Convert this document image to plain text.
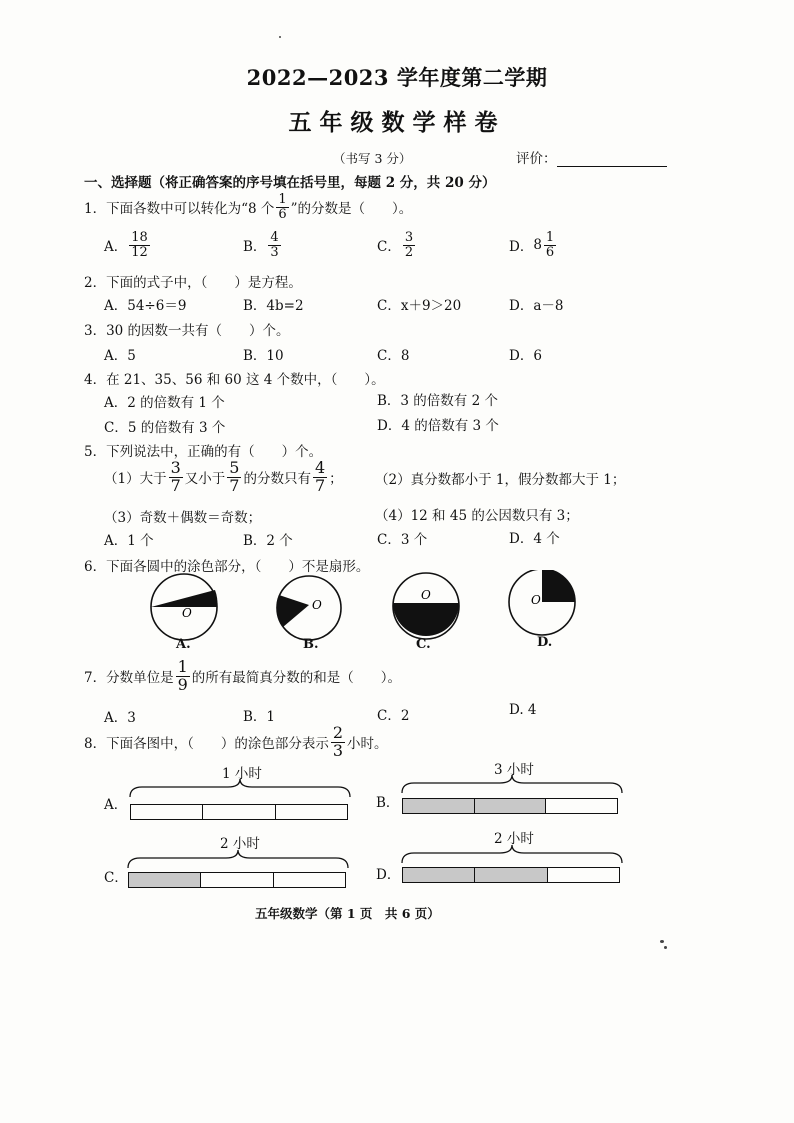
2022—2023 学年度第二学期
五年级数学样卷
（书写 3 分）	评价：
一、选择题（将正确答案的序号填在括号里，每题 2 分，共 20 分）
1．下面各数中可以转化为“8 个 $\frac{1}{6}$ ”的分数是（　　）。
A． $\frac{18}{12}$	B． $\frac{4}{3}$	C． $\frac{3}{2}$	D． $8 \frac{1}{6}$
2．下面的式子中，（　　）是方程。
A．54÷6＝9	B．4b=2	C．x＋9＞20	D．a－8
3．30 的因数一共有（　　）个。
A．5	B．10	C．8	D．6
4．在 21、35、56 和 60 这 4 个数中，（　　）。
A．2 的倍数有 1 个	B．3 的倍数有 2 个
C．5 的倍数有 3 个	D．4 的倍数有 3 个
5．下列说法中，正确的有（　　）个。
（1）大于 $\frac{3}{7}$ 又小于 $\frac{5}{7}$ 的分数只有 $\frac{4}{7}$ ； （2）真分数都小于 1，假分数都大于 1；
（3）奇数＋偶数＝奇数；	（4）12 和 45 的公因数只有 3；
A．1 个	B．2 个	C．3 个	D．4 个
6．下面各圆中的涂色部分，（　　）不是扇形。
O
A.
O
B.
O
C.
O
D.
7．分数单位是 $\frac{1}{9}$ 的所有最简真分数的和是（　　）。
A．3	B．1	C．2	D. 4
8．下面各图中，（　　）的涂色部分表示 $\frac{2}{3}$ 小时。
A．
1 小时
B．
3 小时
C．
2 小时
D．
2 小时
五年级数学（第 1 页　共 6 页）
